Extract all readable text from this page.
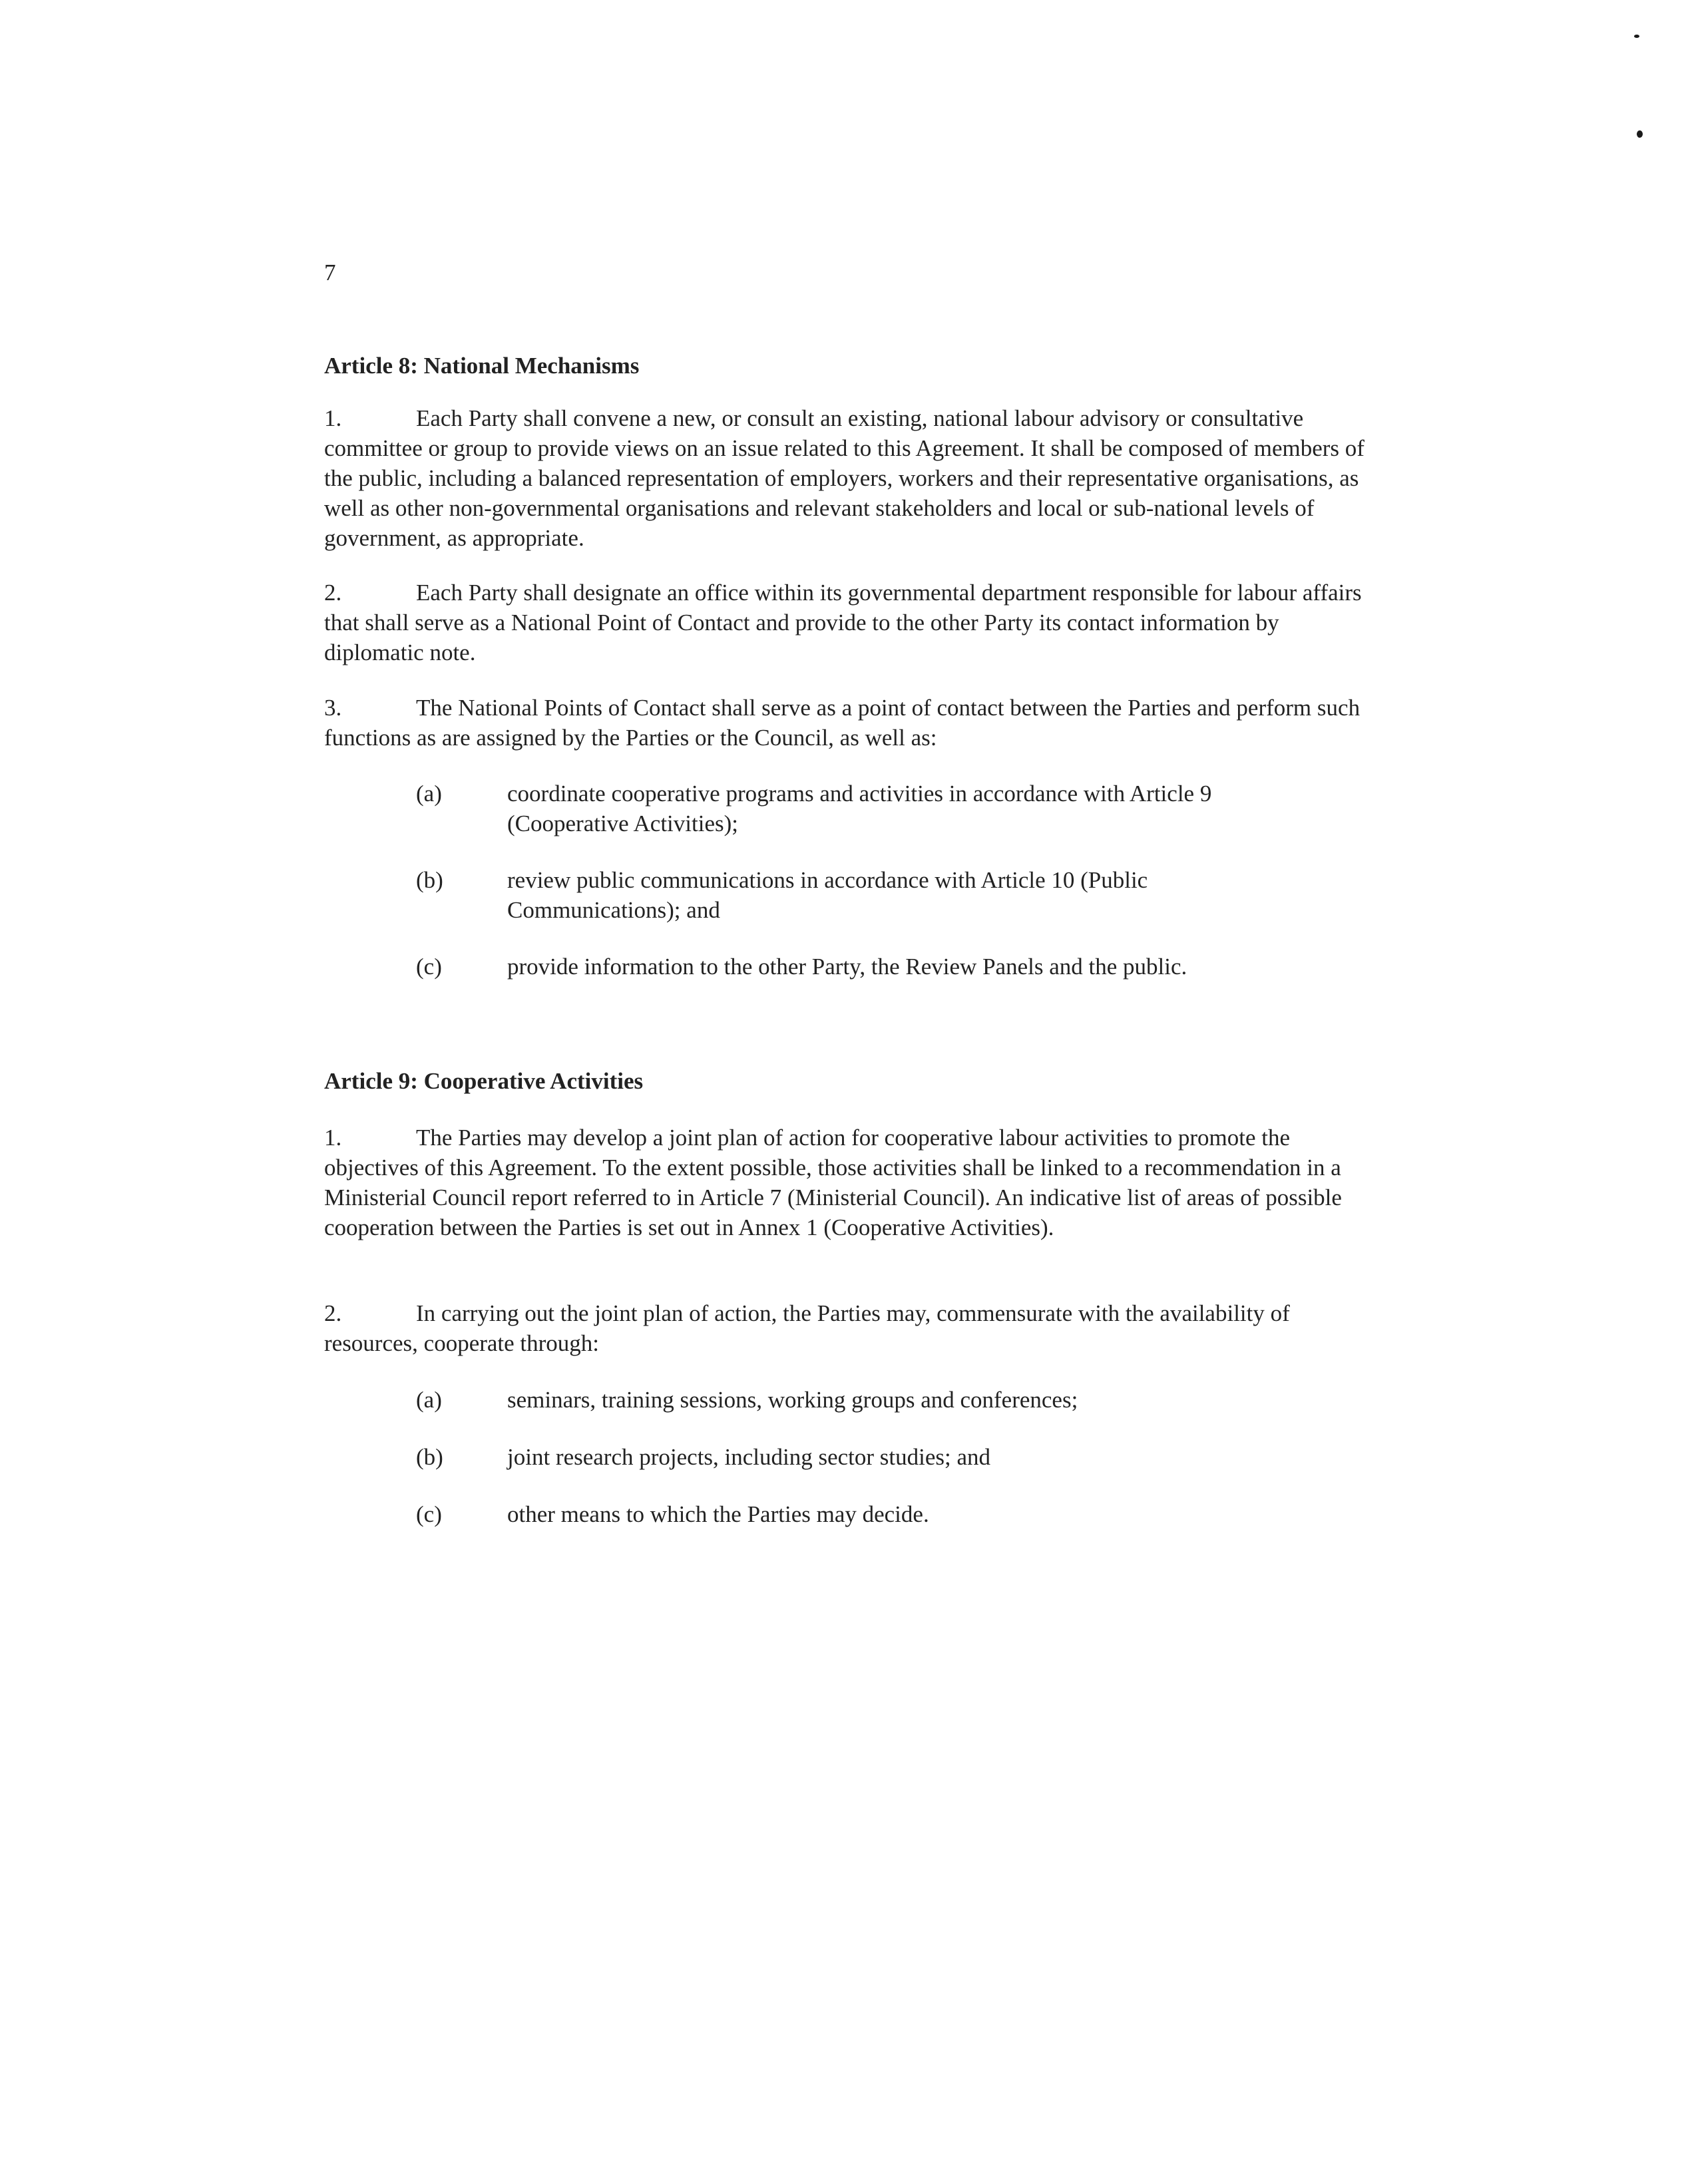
7

Article 8: National Mechanisms

1.	Each Party shall convene a new, or consult an existing, national labour advisory or consultative committee or group to provide views on an issue related to this Agreement. It shall be composed of members of the public, including a balanced representation of employers, workers and their representative organisations, as well as other non-governmental organisations and relevant stakeholders and local or sub-national levels of government, as appropriate.

2.	Each Party shall designate an office within its governmental department responsible for labour affairs that shall serve as a National Point of Contact and provide to the other Party its contact information by diplomatic note.

3.	The National Points of Contact shall serve as a point of contact between the Parties and perform such functions as are assigned by the Parties or the Council, as well as:

(a)	coordinate cooperative programs and activities in accordance with Article 9 (Cooperative Activities);
(b)	review public communications in accordance with Article 10 (Public Communications); and
(c)	provide information to the other Party, the Review Panels and the public.
Article 9: Cooperative Activities

1.	The Parties may develop a joint plan of action for cooperative labour activities to promote the objectives of this Agreement. To the extent possible, those activities shall be linked to a recommendation in a Ministerial Council report referred to in Article 7 (Ministerial Council). An indicative list of areas of possible cooperation between the Parties is set out in Annex 1 (Cooperative Activities).

2.	In carrying out the joint plan of action, the Parties may, commensurate with the availability of resources, cooperate through:

(a)	seminars, training sessions, working groups and conferences;
(b)	joint research projects, including sector studies; and
(c)	other means to which the Parties may decide.
